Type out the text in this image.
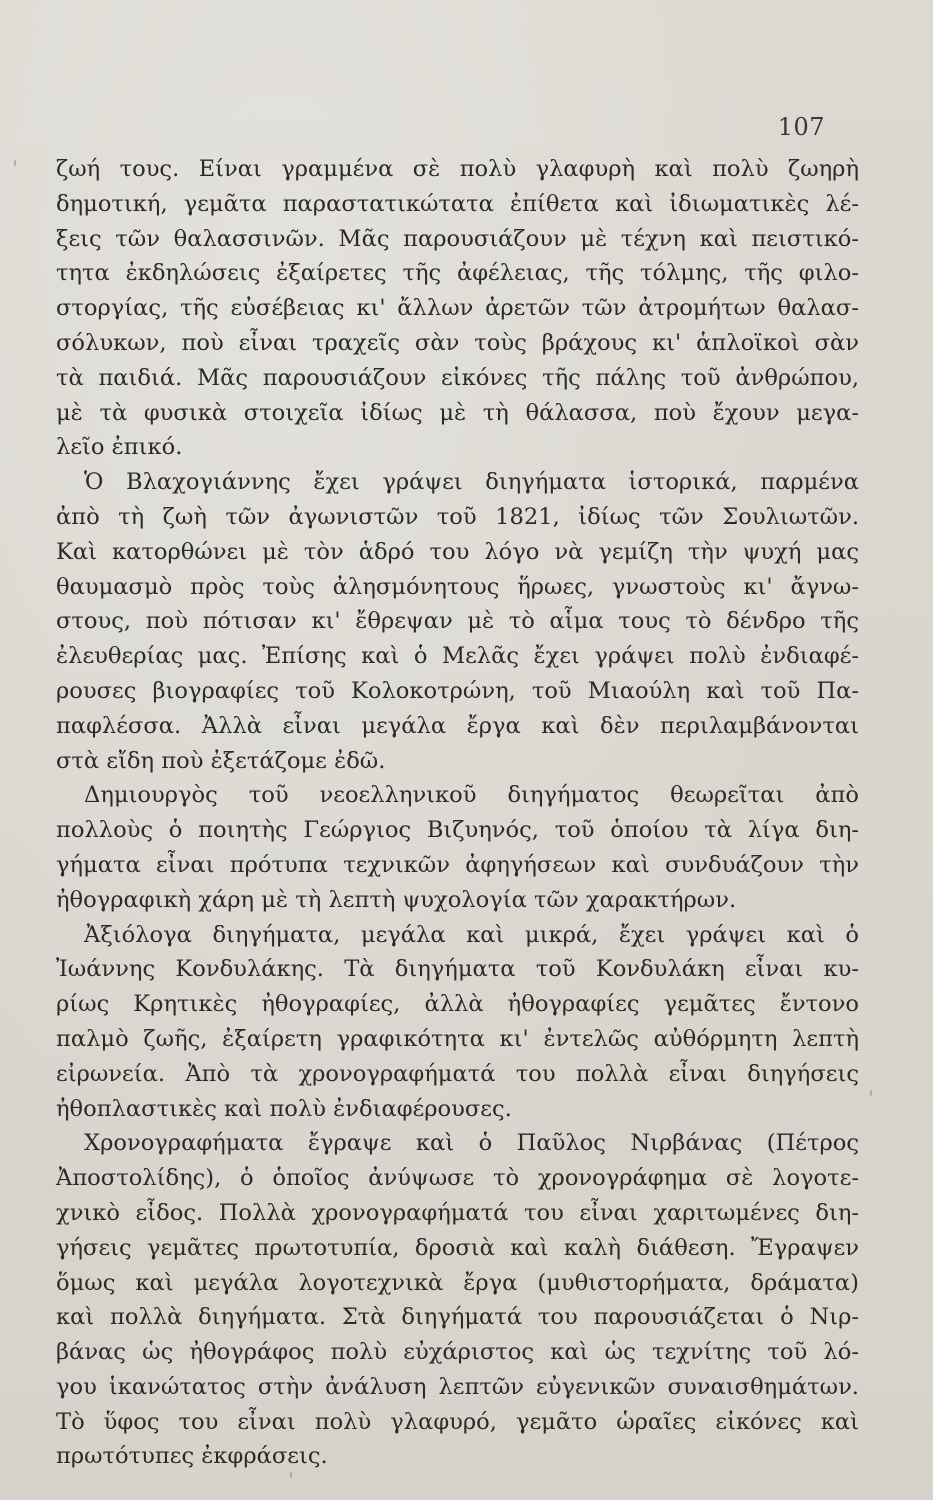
107
ζωή τους. Είναι γραμμένα σὲ πολὺ γλαφυρὴ καὶ πολὺ ζωηρὴ
δημοτική, γεμᾶτα παραστατικώτατα ἐπίθετα καὶ ἰδιωματικὲς λέ-
ξεις τῶν θαλασσινῶν. Μᾶς παρουσιάζουν μὲ τέχνη καὶ πειστικό-
τητα ἐκδηλώσεις ἐξαίρετες τῆς ἀφέλειας, τῆς τόλμης, τῆς φιλο-
στοργίας, τῆς εὐσέβειας κι' ἄλλων ἀρετῶν τῶν ἀτρομήτων θαλασ-
σόλυκων, ποὺ εἶναι τραχεῖς σὰν τοὺς βράχους κι' ἁπλοϊκοὶ σὰν
τὰ παιδιά. Μᾶς παρουσιάζουν εἰκόνες τῆς πάλης τοῦ ἀνθρώπου,
μὲ τὰ φυσικὰ στοιχεῖα ἰδίως μὲ τὴ θάλασσα, ποὺ ἔχουν μεγα-
λεῖο ἐπικό.
Ὁ Βλαχογιάννης ἔχει γράψει διηγήματα ἱστορικά, παρμένα
ἀπὸ τὴ ζωὴ τῶν ἀγωνιστῶν τοῦ 1821, ἰδίως τῶν Σουλιωτῶν.
Καὶ κατορθώνει μὲ τὸν ἁδρό του λόγο νὰ γεμίζη τὴν ψυχή μας
θαυμασμὸ πρὸς τοὺς ἀλησμόνητους ἥρωες, γνωστοὺς κι' ἄγνω-
στους, ποὺ πότισαν κι' ἔθρεψαν μὲ τὸ αἷμα τους τὸ δένδρο τῆς
ἐλευθερίας μας. Ἐπίσης καὶ ὁ Μελᾶς ἔχει γράψει πολὺ ἐνδιαφέ-
ρουσες βιογραφίες τοῦ Κολοκοτρώνη, τοῦ Μιαούλη καὶ τοῦ Πα-
παφλέσσα. Ἀλλὰ εἶναι μεγάλα ἔργα καὶ δὲν περιλαμβάνονται
στὰ εἴδη ποὺ ἐξετάζομε ἐδῶ.
Δημιουργὸς τοῦ νεοελληνικοῦ διηγήματος θεωρεῖται ἀπὸ
πολλοὺς ὁ ποιητὴς Γεώργιος Βιζυηνός, τοῦ ὁποίου τὰ λίγα διη-
γήματα εἶναι πρότυπα τεχνικῶν ἀφηγήσεων καὶ συνδυάζουν τὴν
ἠθογραφικὴ χάρη μὲ τὴ λεπτὴ ψυχολογία τῶν χαρακτήρων.
Ἀξιόλογα διηγήματα, μεγάλα καὶ μικρά, ἔχει γράψει καὶ ὁ
Ἰωάννης Κονδυλάκης. Τὰ διηγήματα τοῦ Κονδυλάκη εἶναι κυ-
ρίως Κρητικὲς ἠθογραφίες, ἀλλὰ ἠθογραφίες γεμᾶτες ἔντονο
παλμὸ ζωῆς, ἐξαίρετη γραφικότητα κι' ἐντελῶς αὐθόρμητη λεπτὴ
εἰρωνεία. Ἀπὸ τὰ χρονογραφήματά του πολλὰ εἶναι διηγήσεις
ἠθοπλαστικὲς καὶ πολὺ ἐνδιαφέρουσες.
Χρονογραφήματα ἔγραψε καὶ ὁ Παῦλος Νιρβάνας (Πέτρος
Ἀποστολίδης), ὁ ὁποῖος ἀνύψωσε τὸ χρονογράφημα σὲ λογοτε-
χνικὸ εἶδος. Πολλὰ χρονογραφήματά του εἶναι χαριτωμένες διη-
γήσεις γεμᾶτες πρωτοτυπία, δροσιὰ καὶ καλὴ διάθεση. Ἔγραψεν
ὅμως καὶ μεγάλα λογοτεχνικὰ ἔργα (μυθιστορήματα, δράματα)
καὶ πολλὰ διηγήματα. Στὰ διηγήματά του παρουσιάζεται ὁ Νιρ-
βάνας ὡς ἠθογράφος πολὺ εὐχάριστος καὶ ὡς τεχνίτης τοῦ λό-
γου ἱκανώτατος στὴν ἀνάλυση λεπτῶν εὐγενικῶν συναισθημάτων.
Τὸ ὕφος του εἶναι πολὺ γλαφυρό, γεμᾶτο ὡραῖες εἰκόνες καὶ
πρωτότυπες ἐκφράσεις.
